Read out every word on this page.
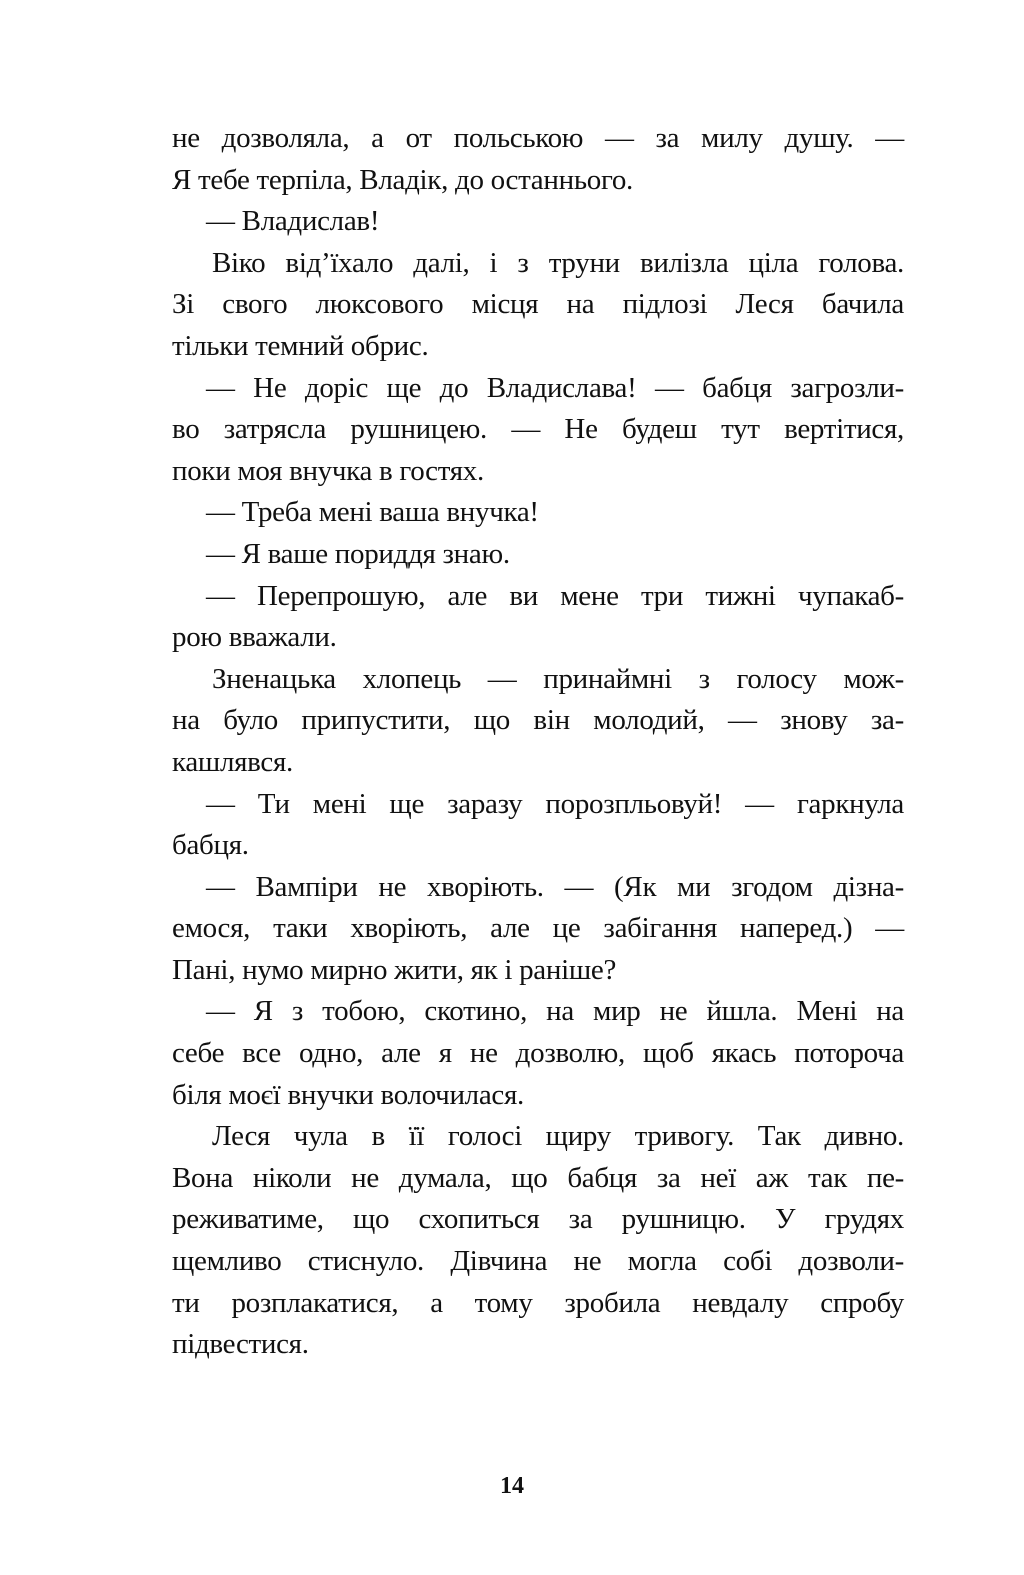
не дозволяла, а от польською — за милу душу. —
Я тебе терпіла, Владік, до останнього.
— Владислав!
Віко від’їхало далі, і з труни вилізла ціла голова.
Зі свого люксового місця на підлозі Леся бачила
тільки темний обрис.
— Не доріс ще до Владислава! — бабця загрозли-
во затрясла рушницею. — Не будеш тут вертітися,
поки моя внучка в гостях.
— Треба мені ваша внучка!
— Я ваше пориддя знаю.
— Перепрошую, але ви мене три тижні чупакаб-
рою вважали.
Зненацька хлопець — принаймні з голосу мож-
на було припустити, що він молодий, — знову за-
кашлявся.
— Ти мені ще заразу порозпльовуй! — гаркнула
бабця.
— Вампіри не хворіють. — (Як ми згодом дізна-
емося, таки хворіють, але це забігання наперед.) —
Пані, нумо мирно жити, як і раніше?
— Я з тобою, скотино, на мир не йшла. Мені на
себе все одно, але я не дозволю, щоб якась потороча
біля моєї внучки волочилася.
Леся чула в її голосі щиру тривогу. Так дивно.
Вона ніколи не думала, що бабця за неї аж так пе-
реживатиме, що схопиться за рушницю. У грудях
щемливо стиснуло. Дівчина не могла собі дозволи-
ти розплакатися, а тому зробила невдалу спробу
підвестися.
14
